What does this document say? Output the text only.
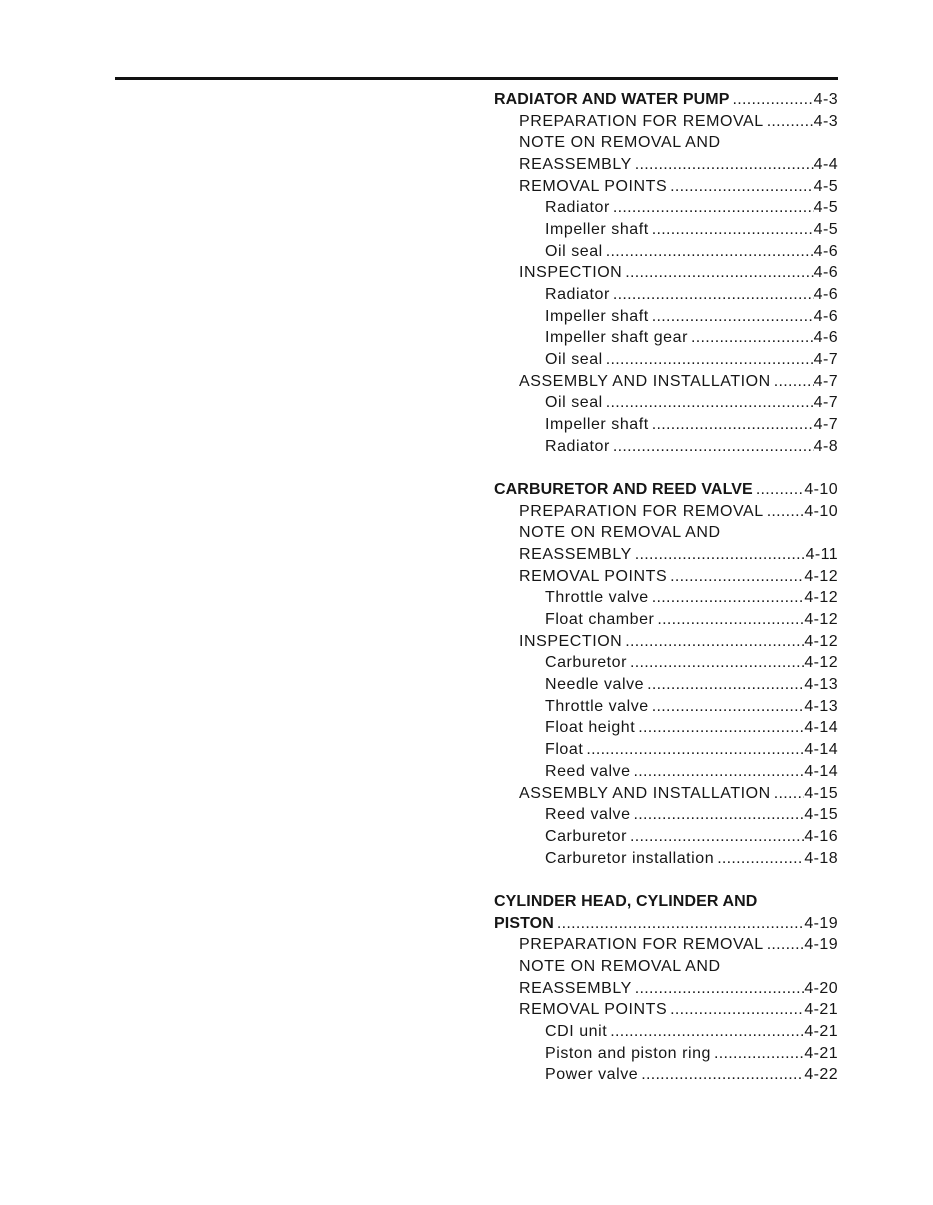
RADIATOR AND WATER PUMP .....	4-3
PREPARATION FOR REMOVAL .....	4-3
NOTE ON REMOVAL AND
REASSEMBLY .....	4-4
REMOVAL POINTS .....	4-5
Radiator .....	4-5
Impeller shaft .....	4-5
Oil seal .....	4-6
INSPECTION .....	4-6
Radiator .....	4-6
Impeller shaft .....	4-6
Impeller shaft gear .....	4-6
Oil seal .....	4-7
ASSEMBLY AND INSTALLATION .....	4-7
Oil seal .....	4-7
Impeller shaft .....	4-7
Radiator .....	4-8
CARBURETOR AND REED VALVE .....	4-10
PREPARATION FOR REMOVAL .....	4-10
NOTE ON REMOVAL AND
REASSEMBLY .....	4-11
REMOVAL POINTS .....	4-12
Throttle valve .....	4-12
Float chamber .....	4-12
INSPECTION .....	4-12
Carburetor .....	4-12
Needle valve .....	4-13
Throttle valve .....	4-13
Float height .....	4-14
Float .....	4-14
Reed valve .....	4-14
ASSEMBLY AND INSTALLATION ..... 4-15
Reed valve .....	4-15
Carburetor .....	4-16
Carburetor installation .....	4-18
CYLINDER HEAD, CYLINDER AND
PISTON .....	4-19
PREPARATION FOR REMOVAL .....	4-19
NOTE ON REMOVAL AND
REASSEMBLY .....	4-20
REMOVAL POINTS .....	4-21
CDI unit .....	4-21
Piston and piston ring .....	4-21
Power valve .....	4-22
